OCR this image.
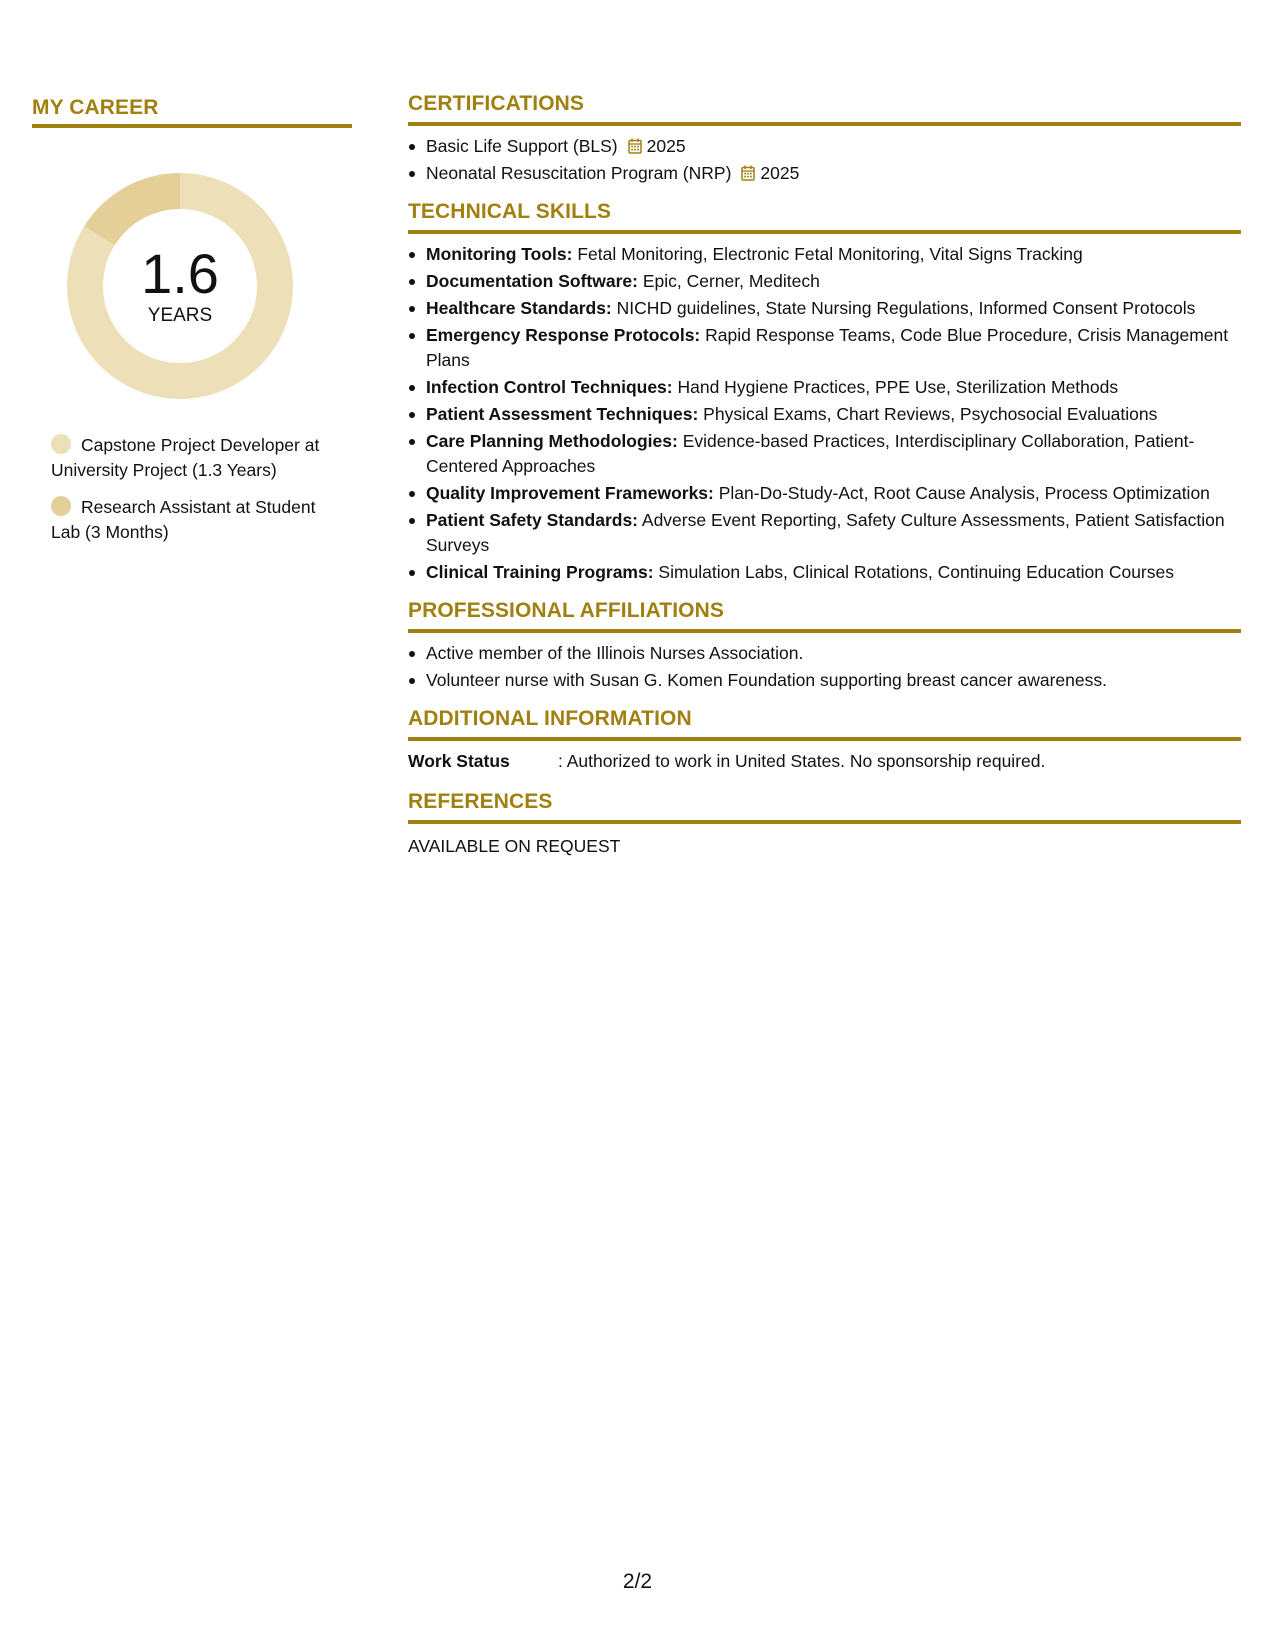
MY CAREER
1.6
YEARS
Capstone Project Developer at University Project (1.3 Years)
Research Assistant at Student Lab (3 Months)
CERTIFICATIONS
Basic Life Support (BLS) 2025
Neonatal Resuscitation Program (NRP) 2025
TECHNICAL SKILLS
Monitoring Tools: Fetal Monitoring, Electronic Fetal Monitoring, Vital Signs Tracking
Documentation Software: Epic, Cerner, Meditech
Healthcare Standards: NICHD guidelines, State Nursing Regulations, Informed Consent Protocols
Emergency Response Protocols: Rapid Response Teams, Code Blue Procedure, Crisis Management Plans
Infection Control Techniques: Hand Hygiene Practices, PPE Use, Sterilization Methods
Patient Assessment Techniques: Physical Exams, Chart Reviews, Psychosocial Evaluations
Care Planning Methodologies: Evidence-based Practices, Interdisciplinary Collaboration, Patient-Centered Approaches
Quality Improvement Frameworks: Plan-Do-Study-Act, Root Cause Analysis, Process Optimization
Patient Safety Standards: Adverse Event Reporting, Safety Culture Assessments, Patient Satisfaction Surveys
Clinical Training Programs: Simulation Labs, Clinical Rotations, Continuing Education Courses
PROFESSIONAL AFFILIATIONS
Active member of the Illinois Nurses Association.
Volunteer nurse with Susan G. Komen Foundation supporting breast cancer awareness.
ADDITIONAL INFORMATION
Work Status	: Authorized to work in United States. No sponsorship required.
REFERENCES

AVAILABLE ON REQUEST

2/2
